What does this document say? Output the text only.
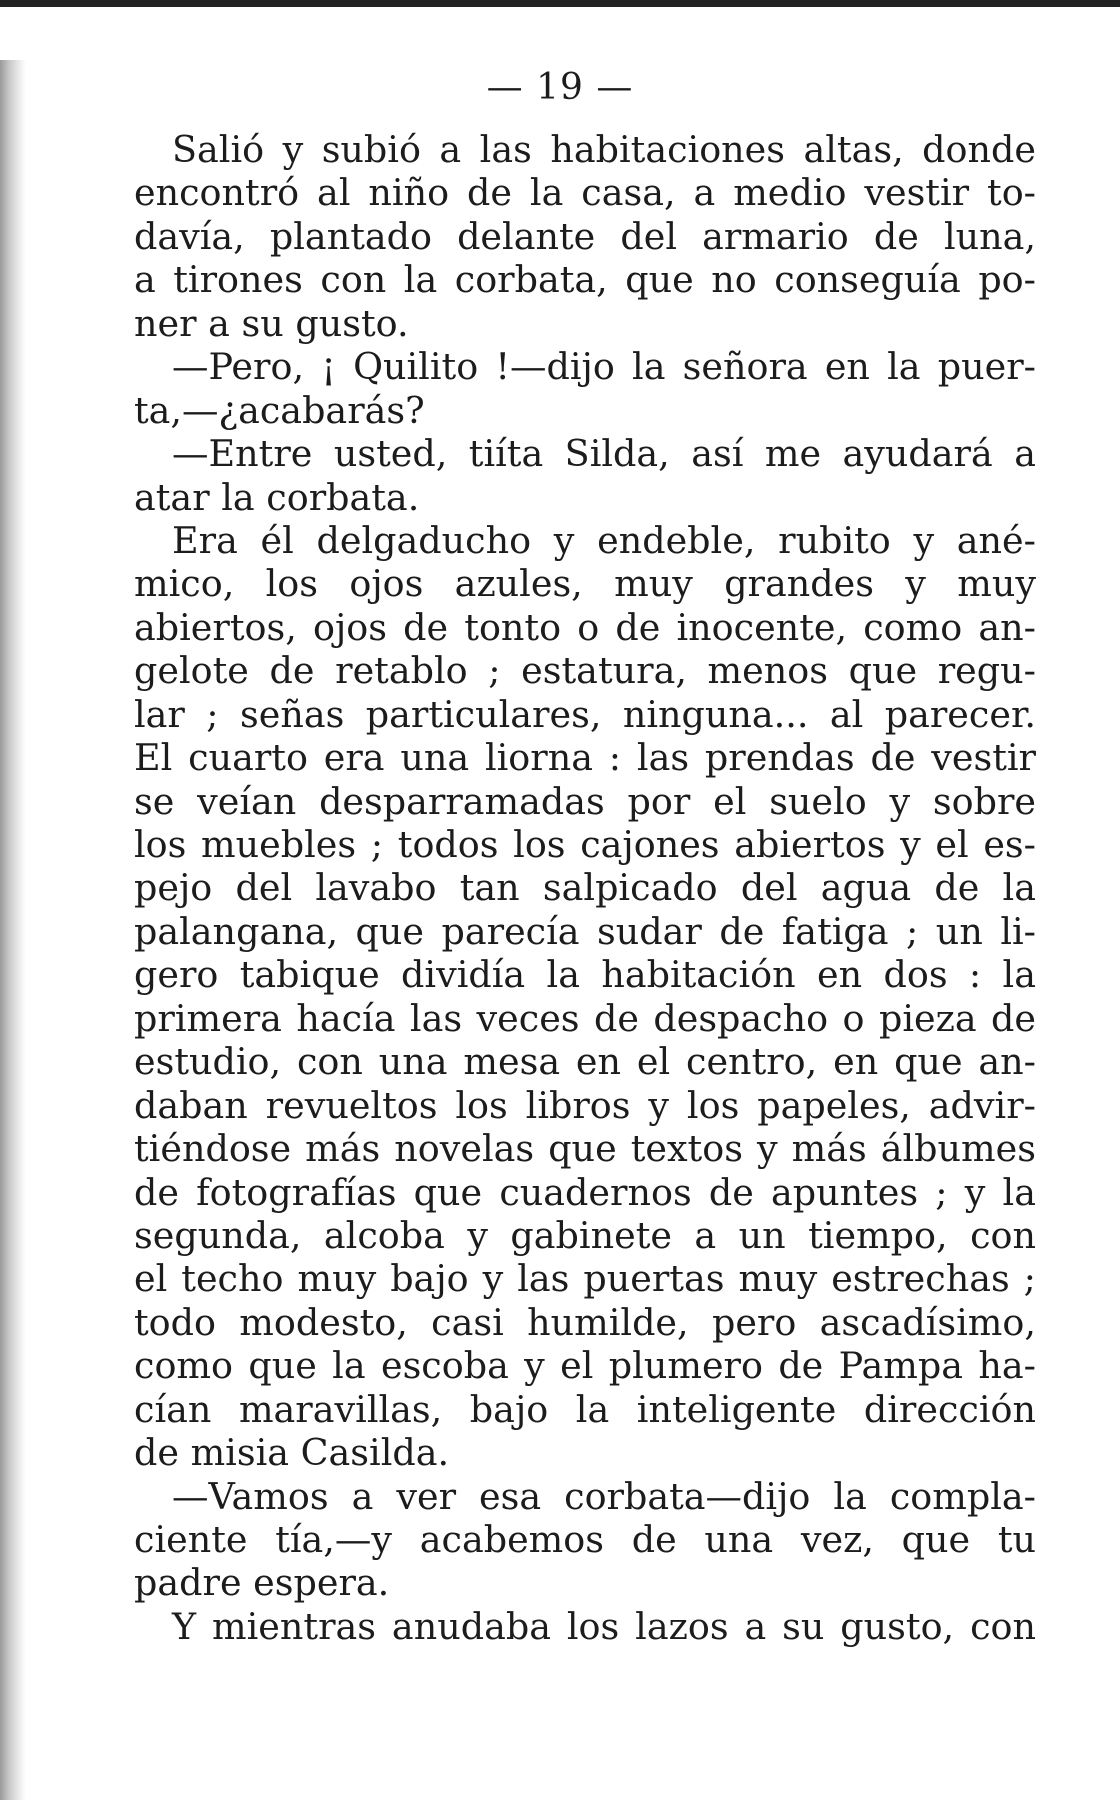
— 19 —
Salió y subió a las habitaciones altas, donde
encontró al niño de la casa, a medio vestir to-
davía, plantado delante del armario de luna,
a tirones con la corbata, que no conseguía po-
ner a su gusto.
—Pero, ¡ Quilito !—dijo la señora en la puer-
ta,—¿acabarás?
—Entre usted, tiíta Silda, así me ayudará a
atar la corbata.
Era él delgaducho y endeble, rubito y ané-
mico, los ojos azules, muy grandes y muy
abiertos, ojos de tonto o de inocente, como an-
gelote de retablo ; estatura, menos que regu-
lar ; señas particulares, ninguna... al parecer.
El cuarto era una liorna : las prendas de vestir
se veían desparramadas por el suelo y sobre
los muebles ; todos los cajones abiertos y el es-
pejo del lavabo tan salpicado del agua de la
palangana, que parecía sudar de fatiga ; un li-
gero tabique dividía la habitación en dos : la
primera hacía las veces de despacho o pieza de
estudio, con una mesa en el centro, en que an-
daban revueltos los libros y los papeles, advir-
tiéndose más novelas que textos y más álbumes
de fotografías que cuadernos de apuntes ; y la
segunda, alcoba y gabinete a un tiempo, con
el techo muy bajo y las puertas muy estrechas ;
todo modesto, casi humilde, pero ascadísimo,
como que la escoba y el plumero de Pampa ha-
cían maravillas, bajo la inteligente dirección
de misia Casilda.
—Vamos a ver esa corbata—dijo la compla-
ciente tía,—y acabemos de una vez, que tu
padre espera.
Y mientras anudaba los lazos a su gusto, con
